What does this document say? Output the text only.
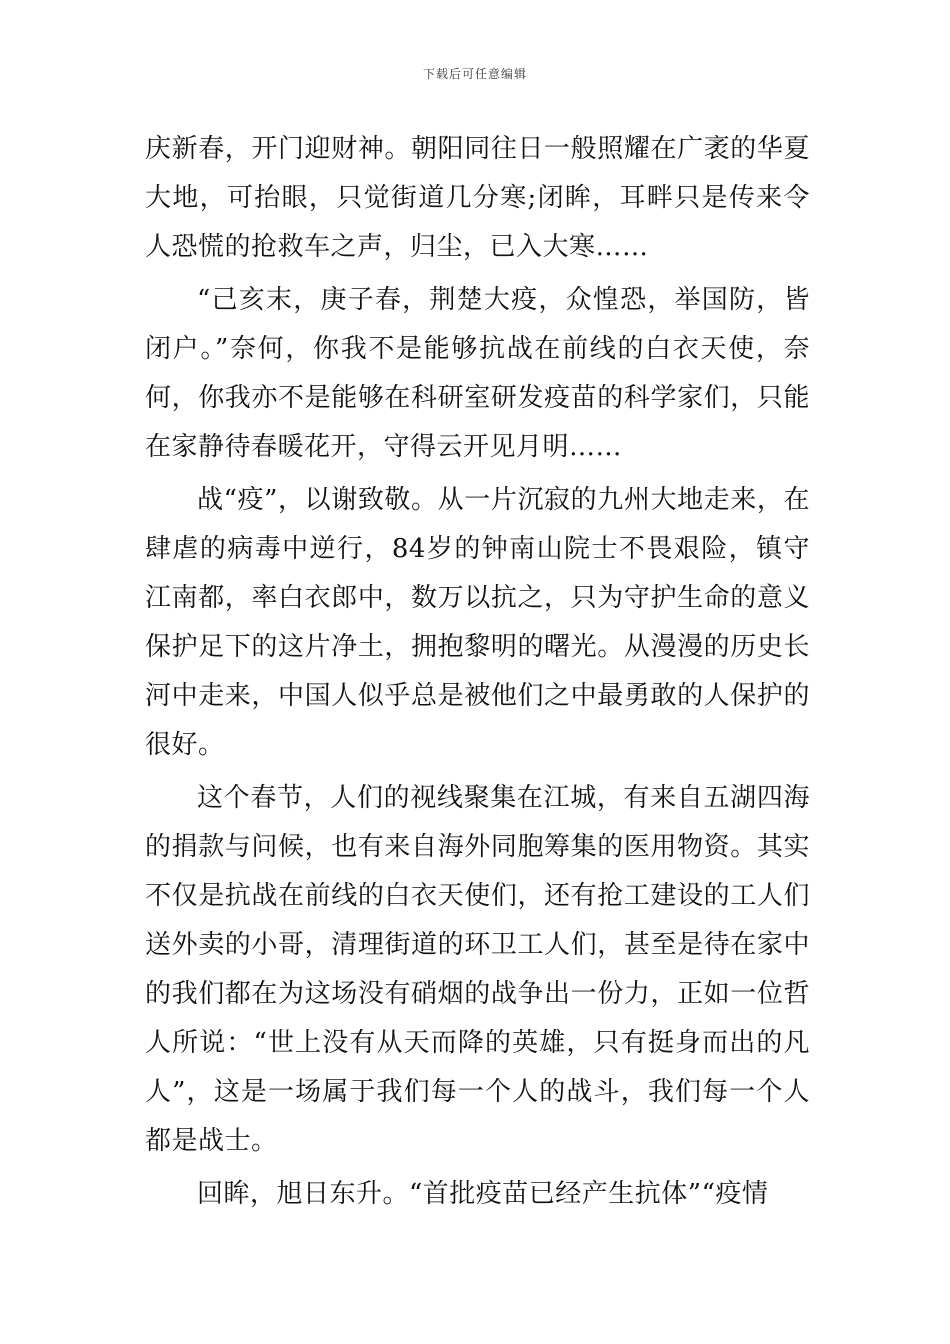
下载后可任意编辑

庆新春，开门迎财神。朝阳同往日一般照耀在广袤的华夏大地，可抬眼，只觉街道几分寒;闭眸，耳畔只是传来令人恐慌的抢救车之声，归尘，已入大寒……

“己亥末，庚子春，荆楚大疫，众惶恐，举国防，皆闭户。”奈何，你我不是能够抗战在前线的白衣天使，奈何，你我亦不是能够在科研室研发疫苗的科学家们，只能在家静待春暖花开，守得云开见月明……

战“疫”，以谢致敬。从一片沉寂的九州大地走来，在肆虐的病毒中逆行，84岁的钟南山院士不畏艰险，镇守江南都，率白衣郎中，数万以抗之，只为守护生命的意义保护足下的这片净土，拥抱黎明的曙光。从漫漫的历史长河中走来，中国人似乎总是被他们之中最勇敢的人保护的很好。

这个春节，人们的视线聚集在江城，有来自五湖四海的捐款与问候，也有来自海外同胞筹集的医用物资。其实不仅是抗战在前线的白衣天使们，还有抢工建设的工人们送外卖的小哥，清理街道的环卫工人们，甚至是待在家中的我们都在为这场没有硝烟的战争出一份力，正如一位哲人所说：“世上没有从天而降的英雄，只有挺身而出的凡人”，这是一场属于我们每一个人的战斗，我们每一个人都是战士。

回眸，旭日东升。“首批疫苗已经产生抗体”“疫情
